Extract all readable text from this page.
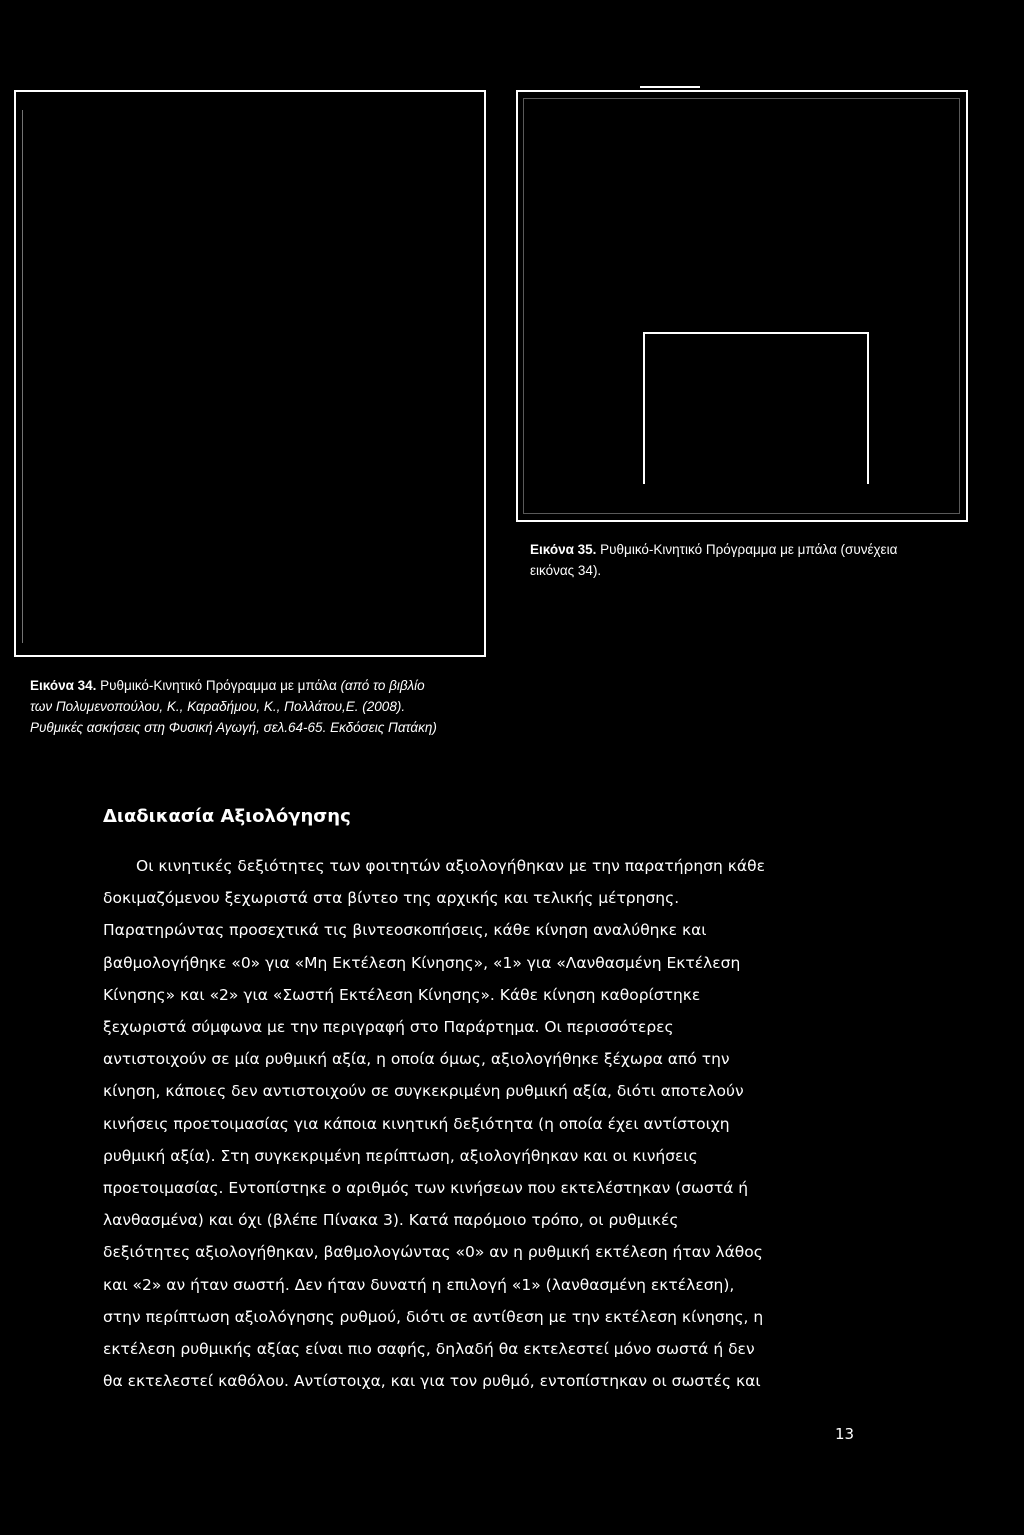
Εικόνα 35. Ρυθμικό-Κινητικό Πρόγραμμα με μπάλα (συνέχεια
εικόνας 34).
Εικόνα 34. Ρυθμικό-Κινητικό Πρόγραμμα με μπάλα (από το βιβλίο
των Πολυμενοπούλου, Κ., Καραδήμου, Κ., Πολλάτου,Ε. (2008).
Ρυθμικές ασκήσεις στη Φυσική Αγωγή, σελ.64-65. Εκδόσεις Πατάκη)
Διαδικασία Αξιολόγησης
Οι κινητικές δεξιότητες των φοιτητών αξιολογήθηκαν με την παρατήρηση κάθε
δοκιμαζόμενου ξεχωριστά στα βίντεο της αρχικής και τελικής μέτρησης.
Παρατηρώντας προσεχτικά τις βιντεοσκοπήσεις, κάθε κίνηση αναλύθηκε και
βαθμολογήθηκε «0» για «Μη Εκτέλεση Κίνησης», «1» για «Λανθασμένη Εκτέλεση
Κίνησης» και «2» για «Σωστή Εκτέλεση Κίνησης». Κάθε κίνηση καθορίστηκε
ξεχωριστά σύμφωνα με την περιγραφή στο Παράρτημα. Οι περισσότερες
αντιστοιχούν σε μία ρυθμική αξία, η οποία όμως, αξιολογήθηκε ξέχωρα από την
κίνηση, κάποιες δεν αντιστοιχούν σε συγκεκριμένη ρυθμική αξία, διότι αποτελούν
κινήσεις προετοιμασίας για κάποια κινητική δεξιότητα (η οποία έχει αντίστοιχη
ρυθμική αξία). Στη συγκεκριμένη περίπτωση, αξιολογήθηκαν και οι κινήσεις
προετοιμασίας. Εντοπίστηκε ο αριθμός των κινήσεων που εκτελέστηκαν (σωστά ή
λανθασμένα) και όχι (βλέπε Πίνακα 3). Κατά παρόμοιο τρόπο, οι ρυθμικές
δεξιότητες αξιολογήθηκαν, βαθμολογώντας «0» αν η ρυθμική εκτέλεση ήταν λάθος
και «2» αν ήταν σωστή. Δεν ήταν δυνατή η επιλογή «1» (λανθασμένη εκτέλεση),
στην περίπτωση αξιολόγησης ρυθμού, διότι σε αντίθεση με την εκτέλεση κίνησης, η
εκτέλεση ρυθμικής αξίας είναι πιο σαφής, δηλαδή θα εκτελεστεί μόνο σωστά ή δεν
θα εκτελεστεί καθόλου. Αντίστοιχα, και για τον ρυθμό, εντοπίστηκαν οι σωστές και
13
